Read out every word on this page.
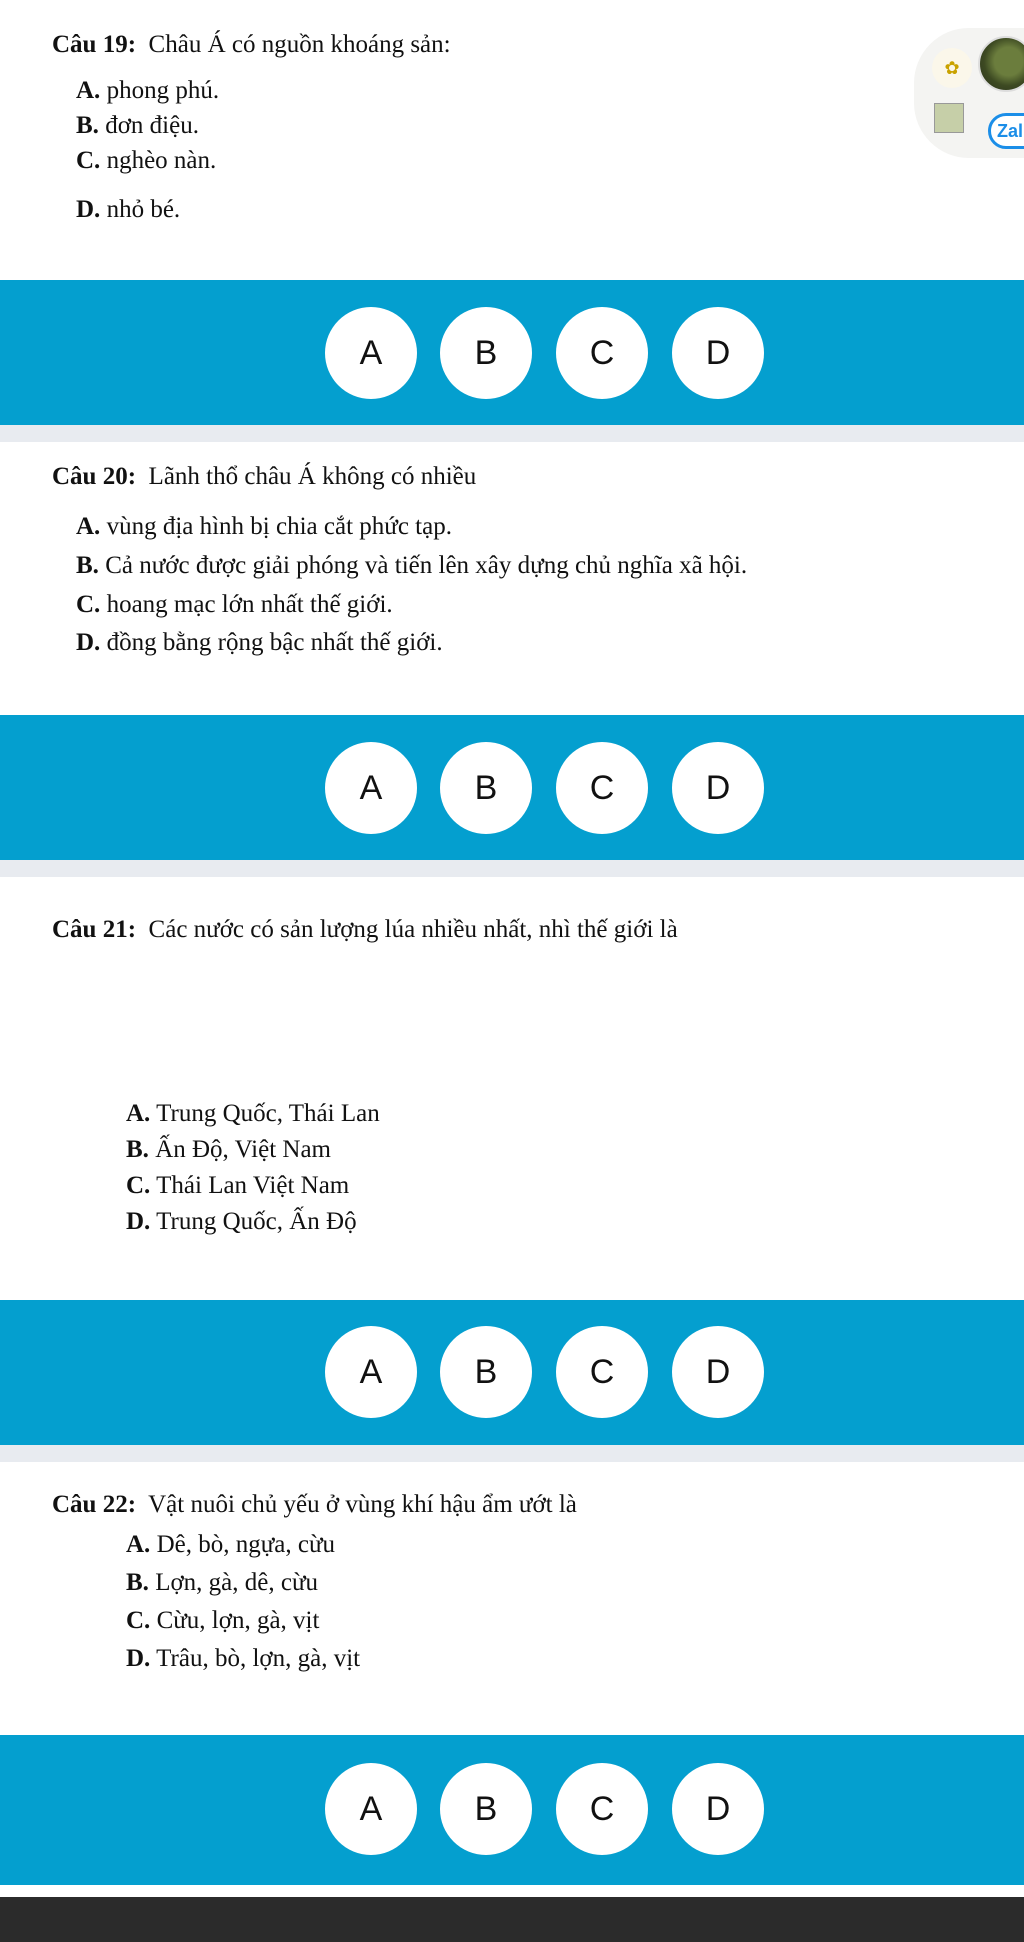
Câu 19: Châu Á có nguồn khoáng sản:
A. phong phú.
B. đơn điệu.
C. nghèo nàn.
D. nhỏ bé.
A	B	C	D
Câu 20: Lãnh thổ châu Á không có nhiều
A. vùng địa hình bị chia cắt phức tạp.
B. Cả nước được giải phóng và tiến lên xây dựng chủ nghĩa xã hội.
C. hoang mạc lớn nhất thế giới.
D. đồng bằng rộng bậc nhất thế giới.
A	B	C	D
Câu 21: Các nước có sản lượng lúa nhiều nhất, nhì thế giới là
A. Trung Quốc, Thái Lan
B. Ấn Độ, Việt Nam
C. Thái Lan Việt Nam
D. Trung Quốc, Ấn Độ
A	B	C	D
Câu 22: Vật nuôi chủ yếu ở vùng khí hậu ẩm ướt là
A. Dê, bò, ngựa, cừu
B. Lợn, gà, dê, cừu
C. Cừu, lợn, gà, vịt
D. Trâu, bò, lợn, gà, vịt
A	B	C	D
✿
Zal
